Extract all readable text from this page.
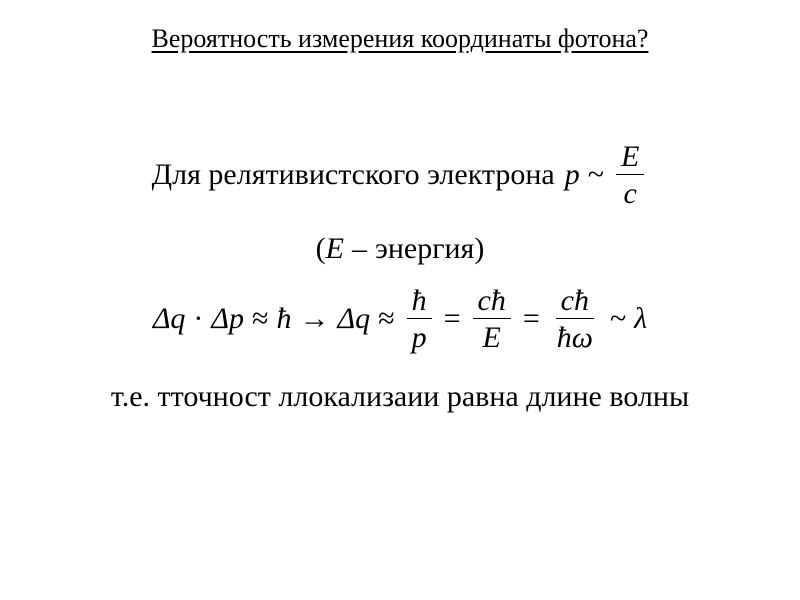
Вероятность измерения координаты фотона?
Для релятивистского электрона p ~ $\frac{E}{c}$
( E – энергия )
Δq · Δp ≈ ħ → $\Delta q \approx \frac{ħ}{p} = \frac{cħ}{E} = \frac{cħ}{ħ\omega}$ ~ λ
т.е. тточност ллокализаии равна длине волны
